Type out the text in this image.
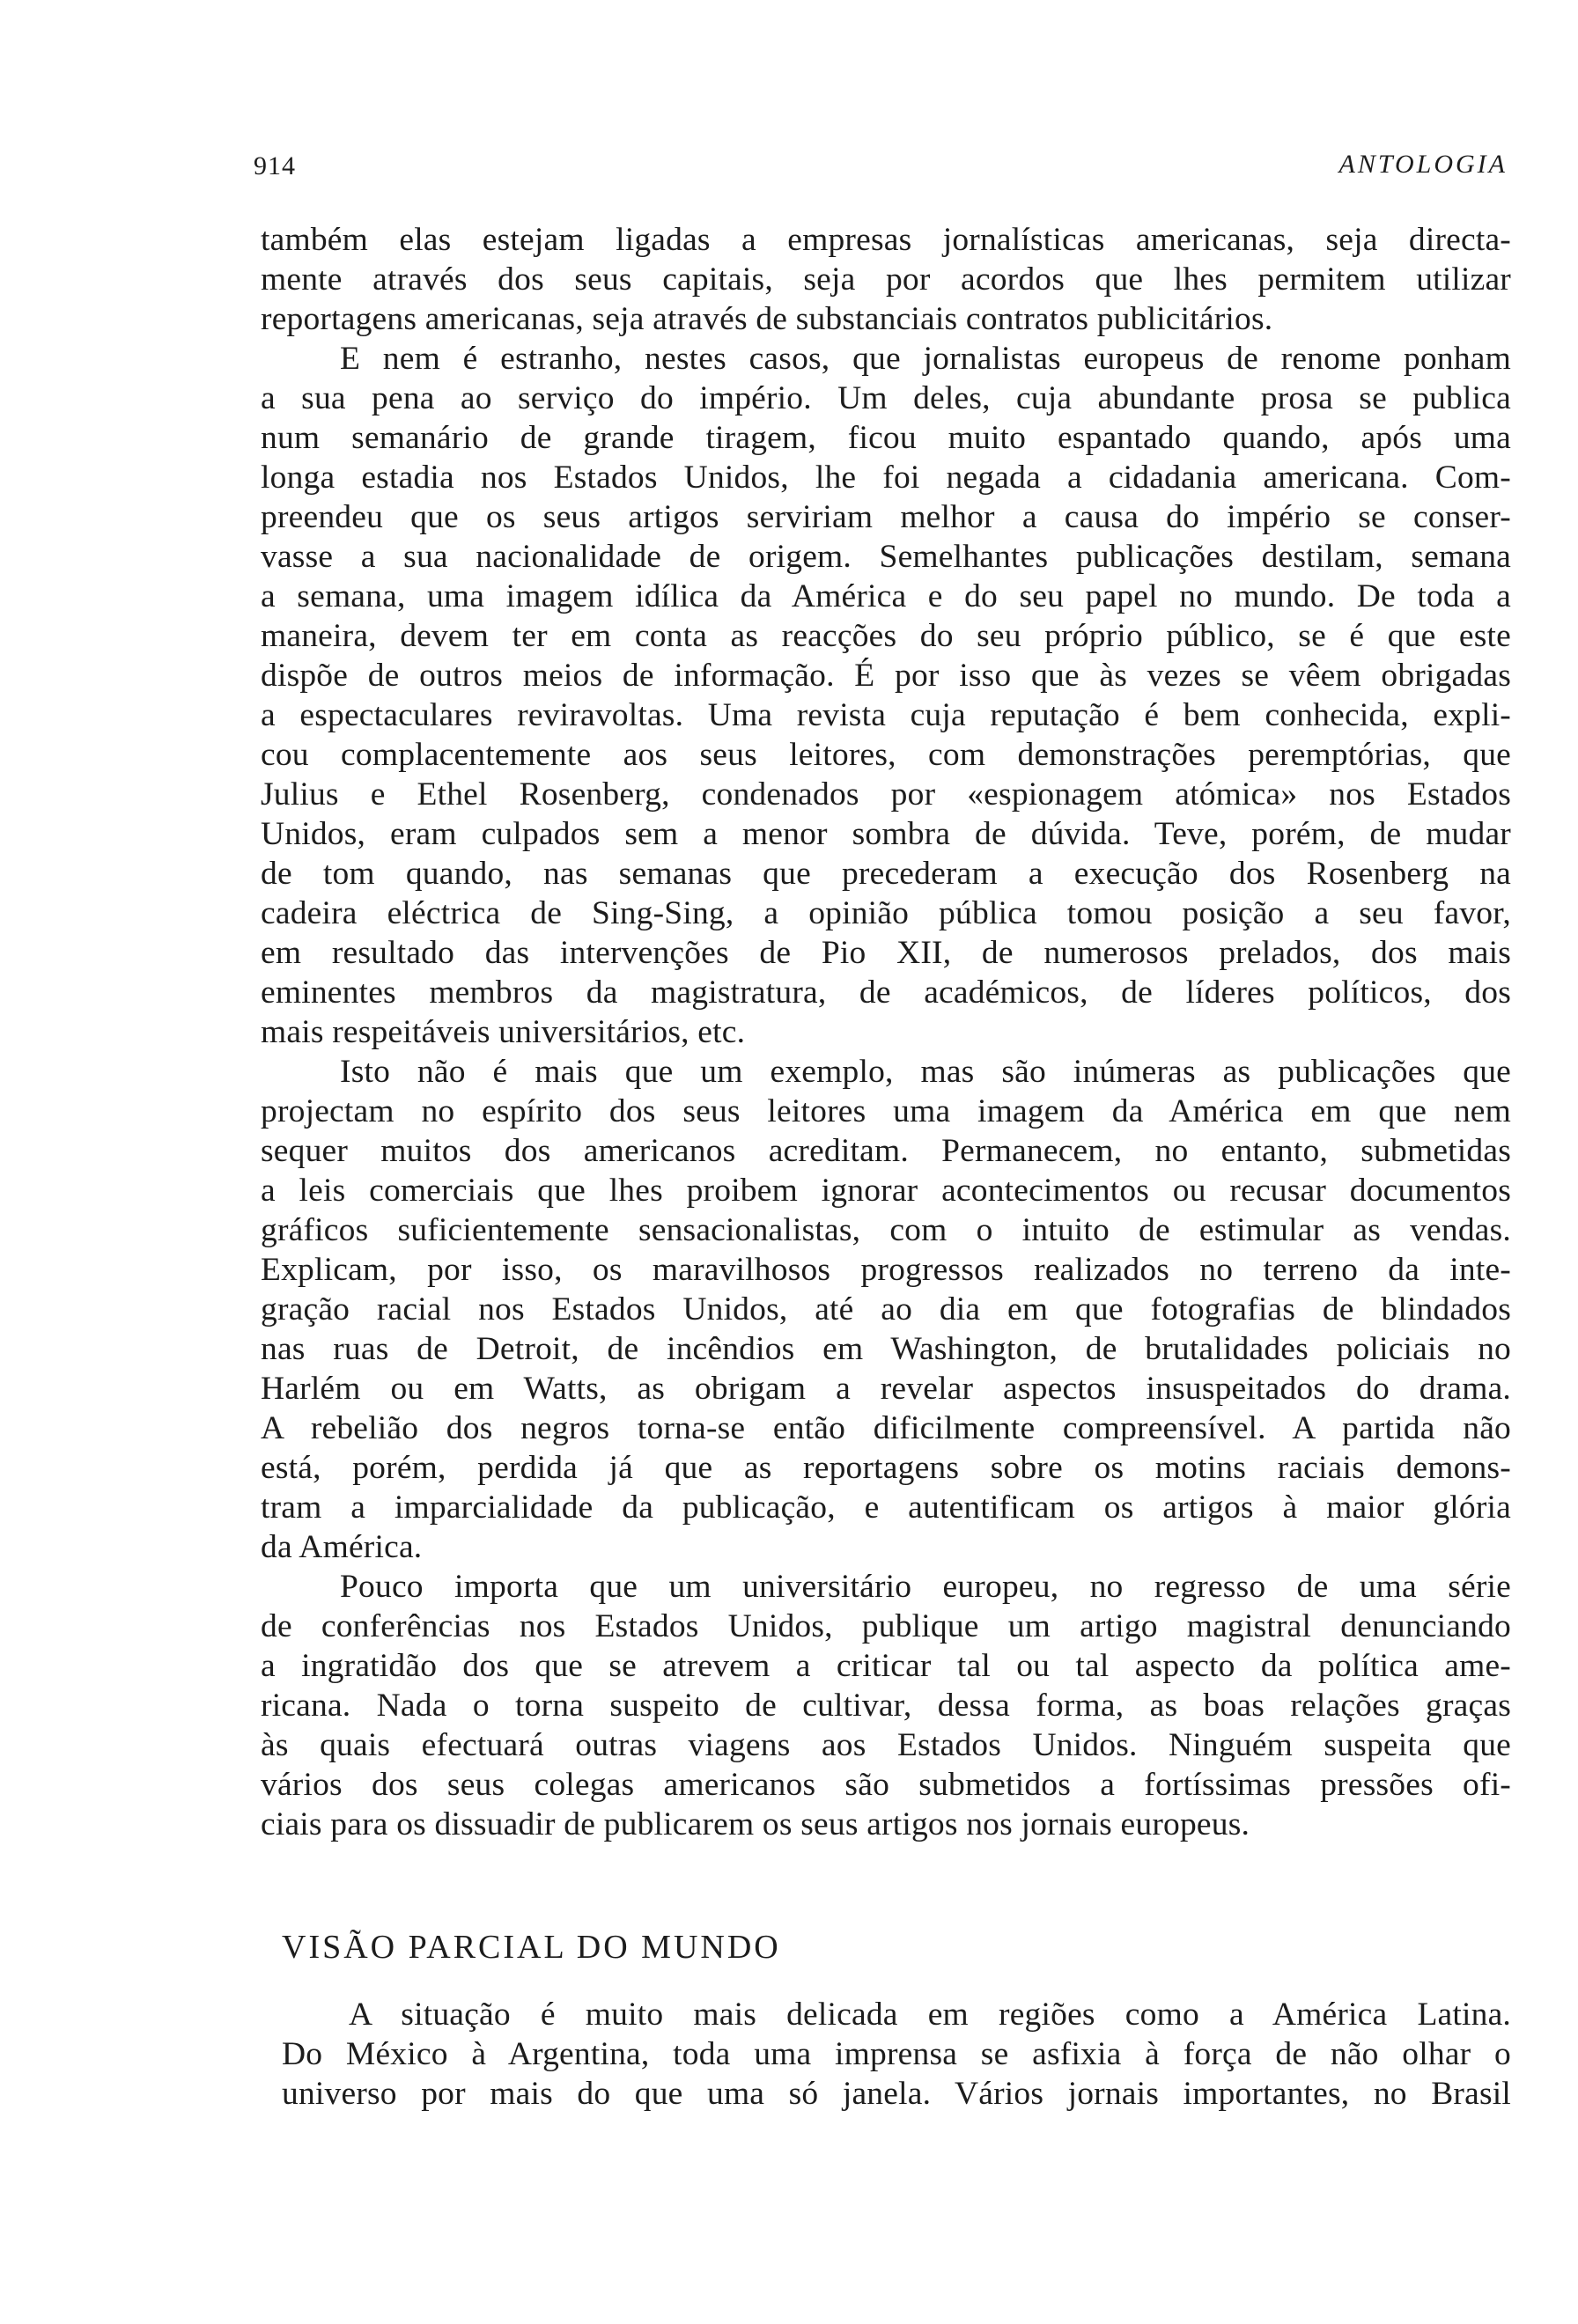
914	ANTOLOGIA
também elas estejam ligadas a empresas jornalísticas americanas, seja directa-
mente através dos seus capitais, seja por acordos que lhes permitem utilizar
reportagens americanas, seja através de substanciais contratos publicitários.
E nem é estranho, nestes casos, que jornalistas europeus de renome ponham
a sua pena ao serviço do império. Um deles, cuja abundante prosa se publica
num semanário de grande tiragem, ficou muito espantado quando, após uma
longa estadia nos Estados Unidos, lhe foi negada a cidadania americana. Com-
preendeu que os seus artigos serviriam melhor a causa do império se conser-
vasse a sua nacionalidade de origem. Semelhantes publicações destilam, semana
a semana, uma imagem idílica da América e do seu papel no mundo. De toda a
maneira, devem ter em conta as reacções do seu próprio público, se é que este
dispõe de outros meios de informação. É por isso que às vezes se vêem obrigadas
a espectaculares reviravoltas. Uma revista cuja reputação é bem conhecida, expli-
cou complacentemente aos seus leitores, com demonstrações peremptórias, que
Julius e Ethel Rosenberg, condenados por «espionagem atómica» nos Estados
Unidos, eram culpados sem a menor sombra de dúvida. Teve, porém, de mudar
de tom quando, nas semanas que precederam a execução dos Rosenberg na
cadeira eléctrica de Sing-Sing, a opinião pública tomou posição a seu favor,
em resultado das intervenções de Pio XII, de numerosos prelados, dos mais
eminentes membros da magistratura, de académicos, de líderes políticos, dos
mais respeitáveis universitários, etc.
Isto não é mais que um exemplo, mas são inúmeras as publicações que
projectam no espírito dos seus leitores uma imagem da América em que nem
sequer muitos dos americanos acreditam. Permanecem, no entanto, submetidas
a leis comerciais que lhes proibem ignorar acontecimentos ou recusar documentos
gráficos suficientemente sensacionalistas, com o intuito de estimular as vendas.
Explicam, por isso, os maravilhosos progressos realizados no terreno da inte-
gração racial nos Estados Unidos, até ao dia em que fotografias de blindados
nas ruas de Detroit, de incêndios em Washington, de brutalidades policiais no
Harlém ou em Watts, as obrigam a revelar aspectos insuspeitados do drama.
A rebelião dos negros torna-se então dificilmente compreensível. A partida não
está, porém, perdida já que as reportagens sobre os motins raciais demons-
tram a imparcialidade da publicação, e autentificam os artigos à maior glória
da América.
Pouco importa que um universitário europeu, no regresso de uma série
de conferências nos Estados Unidos, publique um artigo magistral denunciando
a ingratidão dos que se atrevem a criticar tal ou tal aspecto da política ame-
ricana. Nada o torna suspeito de cultivar, dessa forma, as boas relações graças
às quais efectuará outras viagens aos Estados Unidos. Ninguém suspeita que
vários dos seus colegas americanos são submetidos a fortíssimas pressões ofi-
ciais para os dissuadir de publicarem os seus artigos nos jornais europeus.
VISÃO PARCIAL DO MUNDO
A situação é muito mais delicada em regiões como a América Latina.
Do México à Argentina, toda uma imprensa se asfixia à força de não olhar o
universo por mais do que uma só janela. Vários jornais importantes, no Brasil
